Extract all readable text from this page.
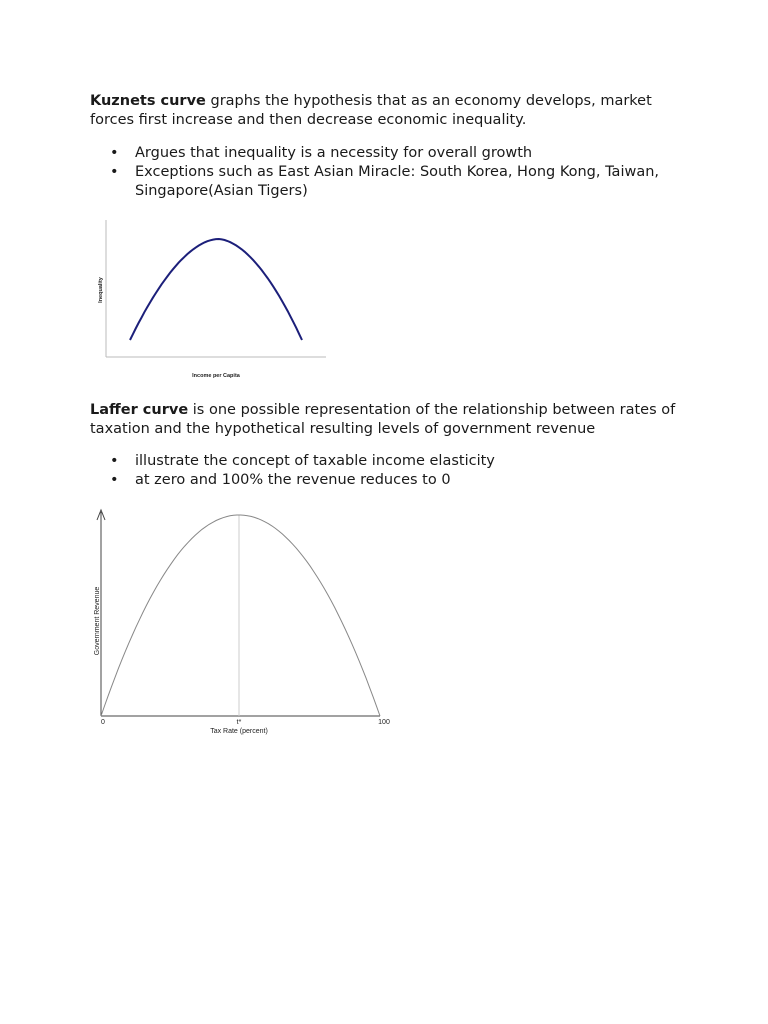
Kuznets curve graphs the hypothesis that as an economy develops, market forces first increase and then decrease economic inequality.

• Argues that inequality is a necessity for overall growth
• Exceptions such as East Asian Miracle: South Korea, Hong Kong, Taiwan, Singapore(Asian Tigers)
Inequality
Income per Capita

Laffer curve is one possible representation of the relationship between rates of taxation and the hypothetical resulting levels of government revenue

• illustrate the concept of taxable income elasticity
• at zero and 100% the revenue reduces to 0
0	t*	100
Tax Rate (percent)
Government Revenue
